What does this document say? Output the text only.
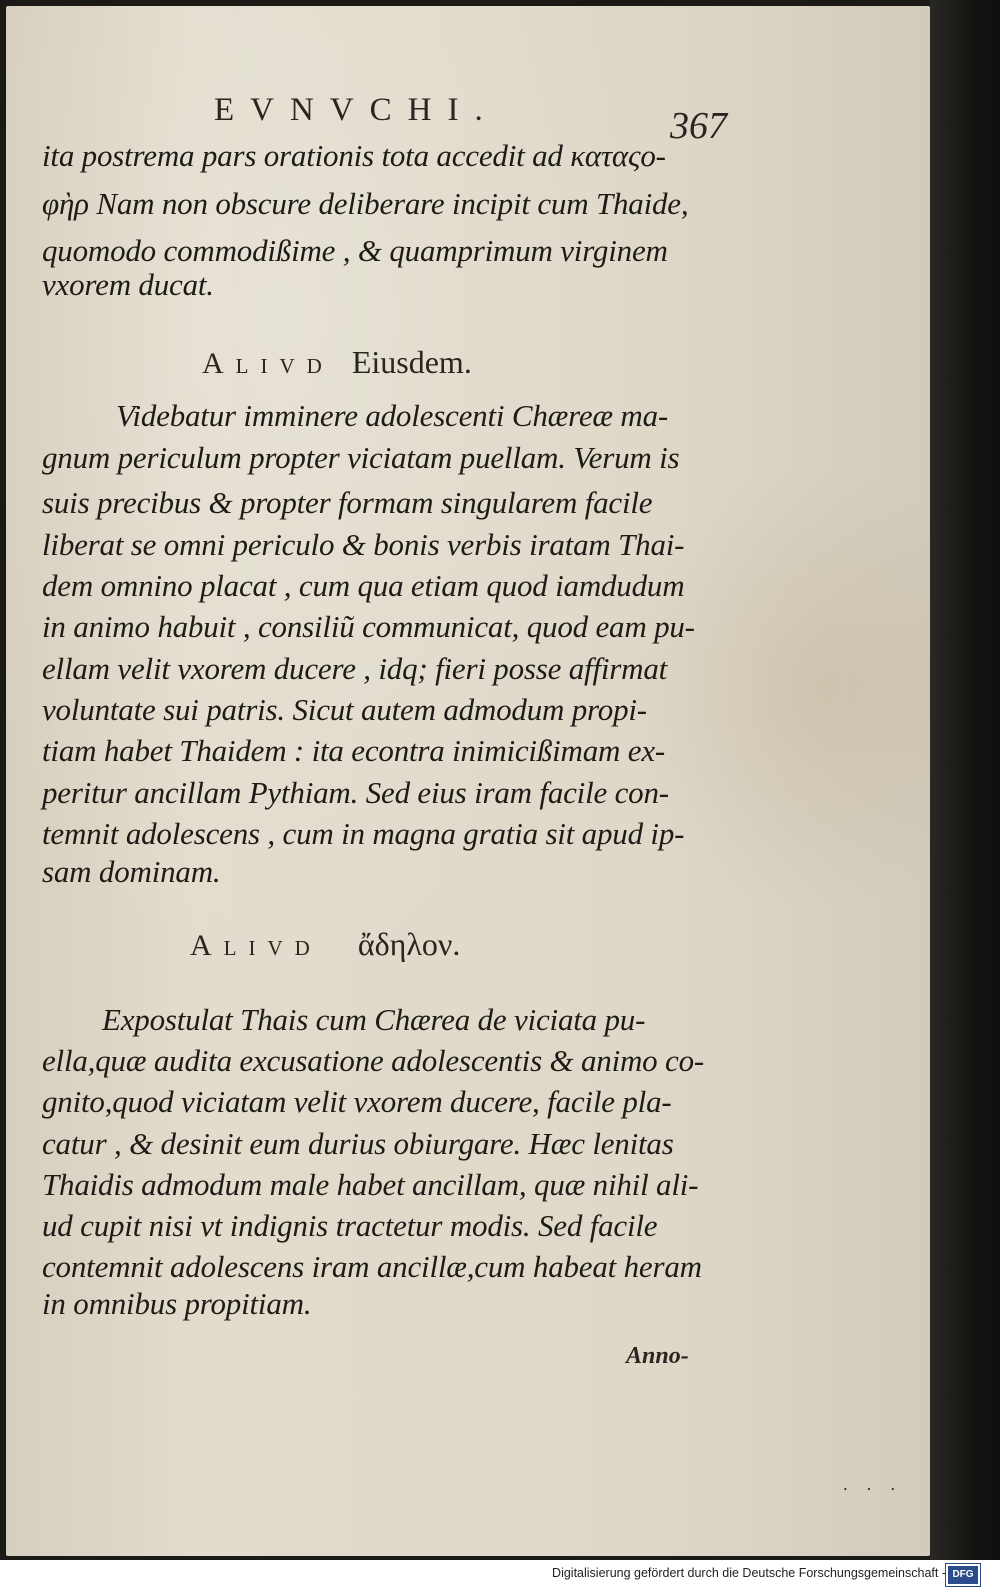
EVNVCHI.	367
ita postrema pars orationis tota accedit ad καταςο-
φὴρ Nam non obscure deliberare incipit cum Thaide,
quomodo commodißime , & quamprimum virginem
vxorem ducat.
Alivd Eiusdem.
Videbatur imminere adolescenti Chæreæ ma-
gnum periculum propter viciatam puellam. Verum is
suis precibus & propter formam singularem facile
liberat se omni periculo & bonis verbis iratam Thai-
dem omnino placat , cum qua etiam quod iamdudum
in animo habuit , consiliũ communicat, quod eam pu-
ellam velit vxorem ducere , idq; fieri posse affirmat
voluntate sui patris. Sicut autem admodum propi-
tiam habet Thaidem : ita econtra inimicißimam ex-
peritur ancillam Pythiam. Sed eius iram facile con-
temnit adolescens , cum in magna gratia sit apud ip-
sam dominam.
Alivd ἄδηλον.
Expostulat Thais cum Chærea de viciata pu-
ella,quæ audita excusatione adolescentis & animo co-
gnito,quod viciatam velit vxorem ducere, facile pla-
catur , & desinit eum durius obiurgare. Hæc lenitas
Thaidis admodum male habet ancillam, quæ nihil ali-
ud cupit nisi vt indignis tractetur modis. Sed facile
contemnit adolescens iram ancillæ,cum habeat heram
in omnibus propitiam.
Anno-
˙ ˙ ˙
Digitalisierung gefördert durch die Deutsche Forschungsgemeinschaft - DFG
